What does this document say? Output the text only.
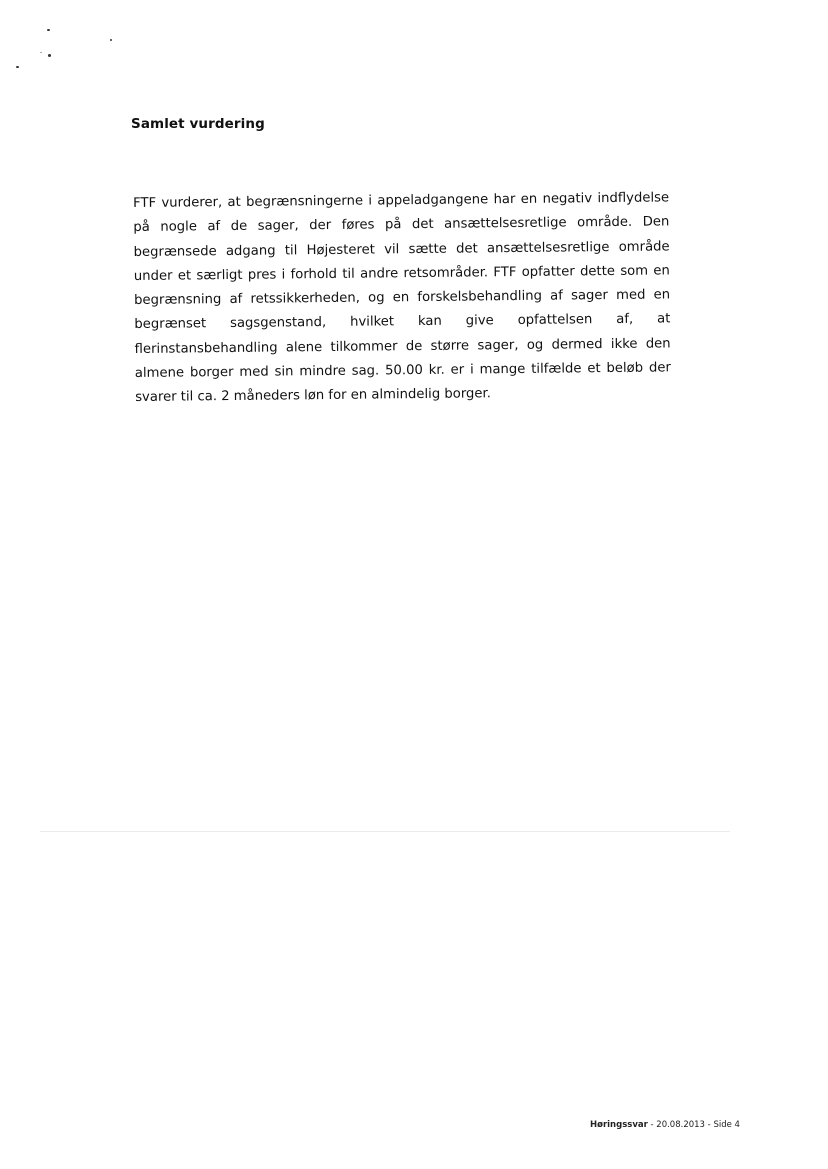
Samlet vurdering

FTF vurderer, at begrænsningerne i appeladgangene har en negativ indflydelse på nogle af de sager, der føres på det ansættelsesretlige område. Den begrænsede adgang til Højesteret vil sætte det ansættelsesretlige område under et særligt pres i forhold til andre retsområder. FTF opfatter dette som en begrænsning af retssikkerheden, og en forskelsbehandling af sager med en begrænset sagsgenstand, hvilket kan give opfattelsen af, at flerinstansbehandling alene tilkommer de større sager, og dermed ikke den almene borger med sin mindre sag. 50.00 kr. er i mange tilfælde et beløb der svarer til ca. 2 måneders løn for en almindelig borger.

Høringssvar - 20.08.2013 - Side 4
